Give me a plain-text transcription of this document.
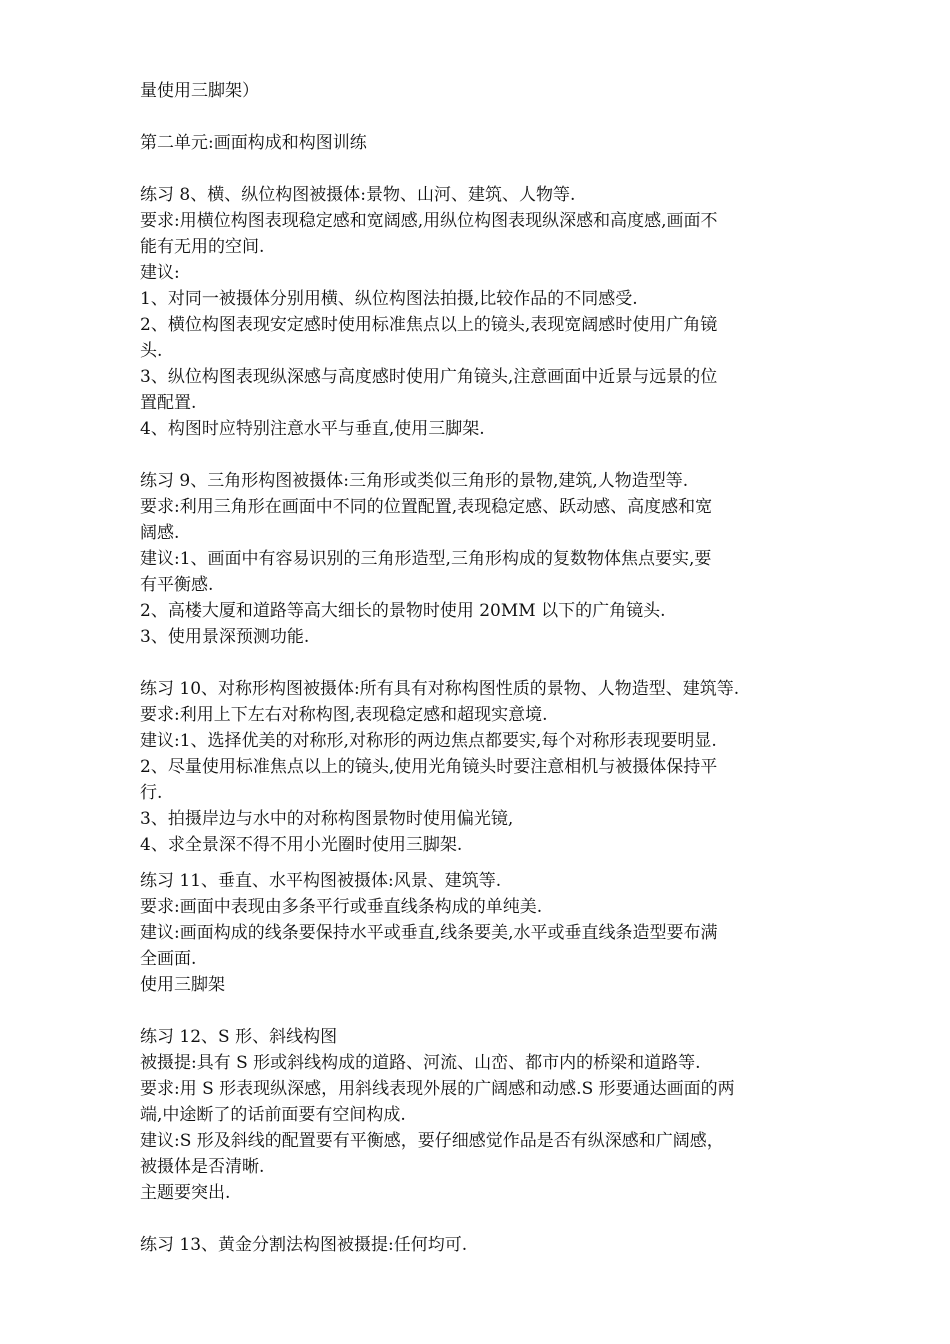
量使用三脚架）
第二单元:画面构成和构图训练
练习 8、横、纵位构图被摄体:景物、山河、建筑、人物等.
要求:用横位构图表现稳定感和宽阔感,用纵位构图表现纵深感和高度感,画面不
能有无用的空间.
建议:
1、对同一被摄体分别用横、纵位构图法拍摄,比较作品的不同感受.
2、横位构图表现安定感时使用标准焦点以上的镜头,表现宽阔感时使用广角镜
头.
3、纵位构图表现纵深感与高度感时使用广角镜头,注意画面中近景与远景的位
置配置.
4、构图时应特别注意水平与垂直,使用三脚架.
练习 9、三角形构图被摄体:三角形或类似三角形的景物,建筑,人物造型等.
要求:利用三角形在画面中不同的位置配置,表现稳定感、跃动感、高度感和宽
阔感.
建议:1、画面中有容易识别的三角形造型,三角形构成的复数物体焦点要实,要
有平衡感.
2、高楼大厦和道路等高大细长的景物时使用 20MM 以下的广角镜头.
3、使用景深预测功能.
练习 10、对称形构图被摄体:所有具有对称构图性质的景物、人物造型、建筑等.
要求:利用上下左右对称构图,表现稳定感和超现实意境.
建议:1、选择优美的对称形,对称形的两边焦点都要实,每个对称形表现要明显.
2、尽量使用标准焦点以上的镜头,使用光角镜头时要注意相机与被摄体保持平
行.
3、拍摄岸边与水中的对称构图景物时使用偏光镜,
4、求全景深不得不用小光圈时使用三脚架.
练习 11、垂直、水平构图被摄体:风景、建筑等.
要求:画面中表现由多条平行或垂直线条构成的单纯美.
建议:画面构成的线条要保持水平或垂直,线条要美,水平或垂直线条造型要布满
全画面.
使用三脚架
练习 12、S 形、斜线构图
被摄提:具有 S 形或斜线构成的道路、河流、山峦、都市内的桥梁和道路等.
要求:用 S 形表现纵深感，用斜线表现外展的广阔感和动感.S 形要通达画面的两
端,中途断了的话前面要有空间构成.
建议:S 形及斜线的配置要有平衡感，要仔细感觉作品是否有纵深感和广阔感，
被摄体是否清晰.
主题要突出.
练习 13、黄金分割法构图被摄提:任何均可.
